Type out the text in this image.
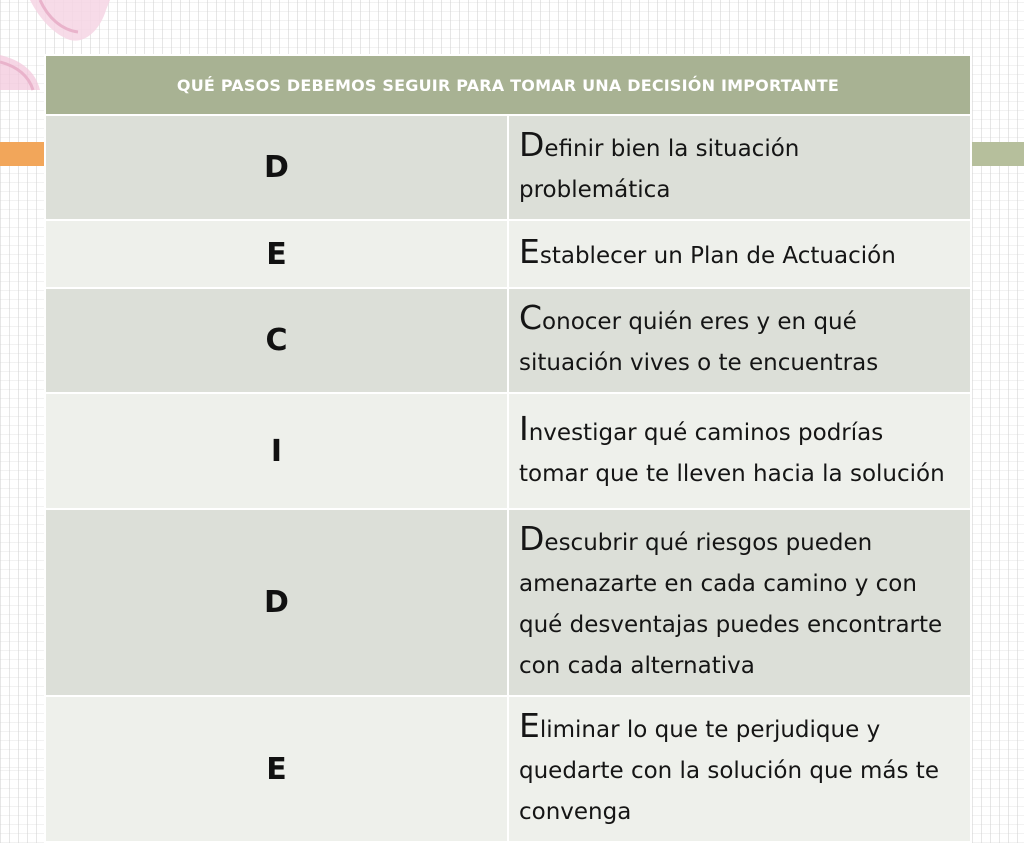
QUÉ PASOS DEBEMOS SEGUIR PARA TOMAR UNA DECISIÓN IMPORTANTE	
D	Definir bien la situación problemática
E	Establecer un Plan de Actuación
C	Conocer quién eres y en qué situación vives o te encuentras
I	Investigar qué caminos podrías tomar que te lleven hacia la solución
D	Descubrir qué riesgos pueden amenazarte en cada camino y con qué desventajas puedes encontrarte con cada alternativa
E	Eliminar lo que te perjudique y quedarte con la solución que más te convenga
